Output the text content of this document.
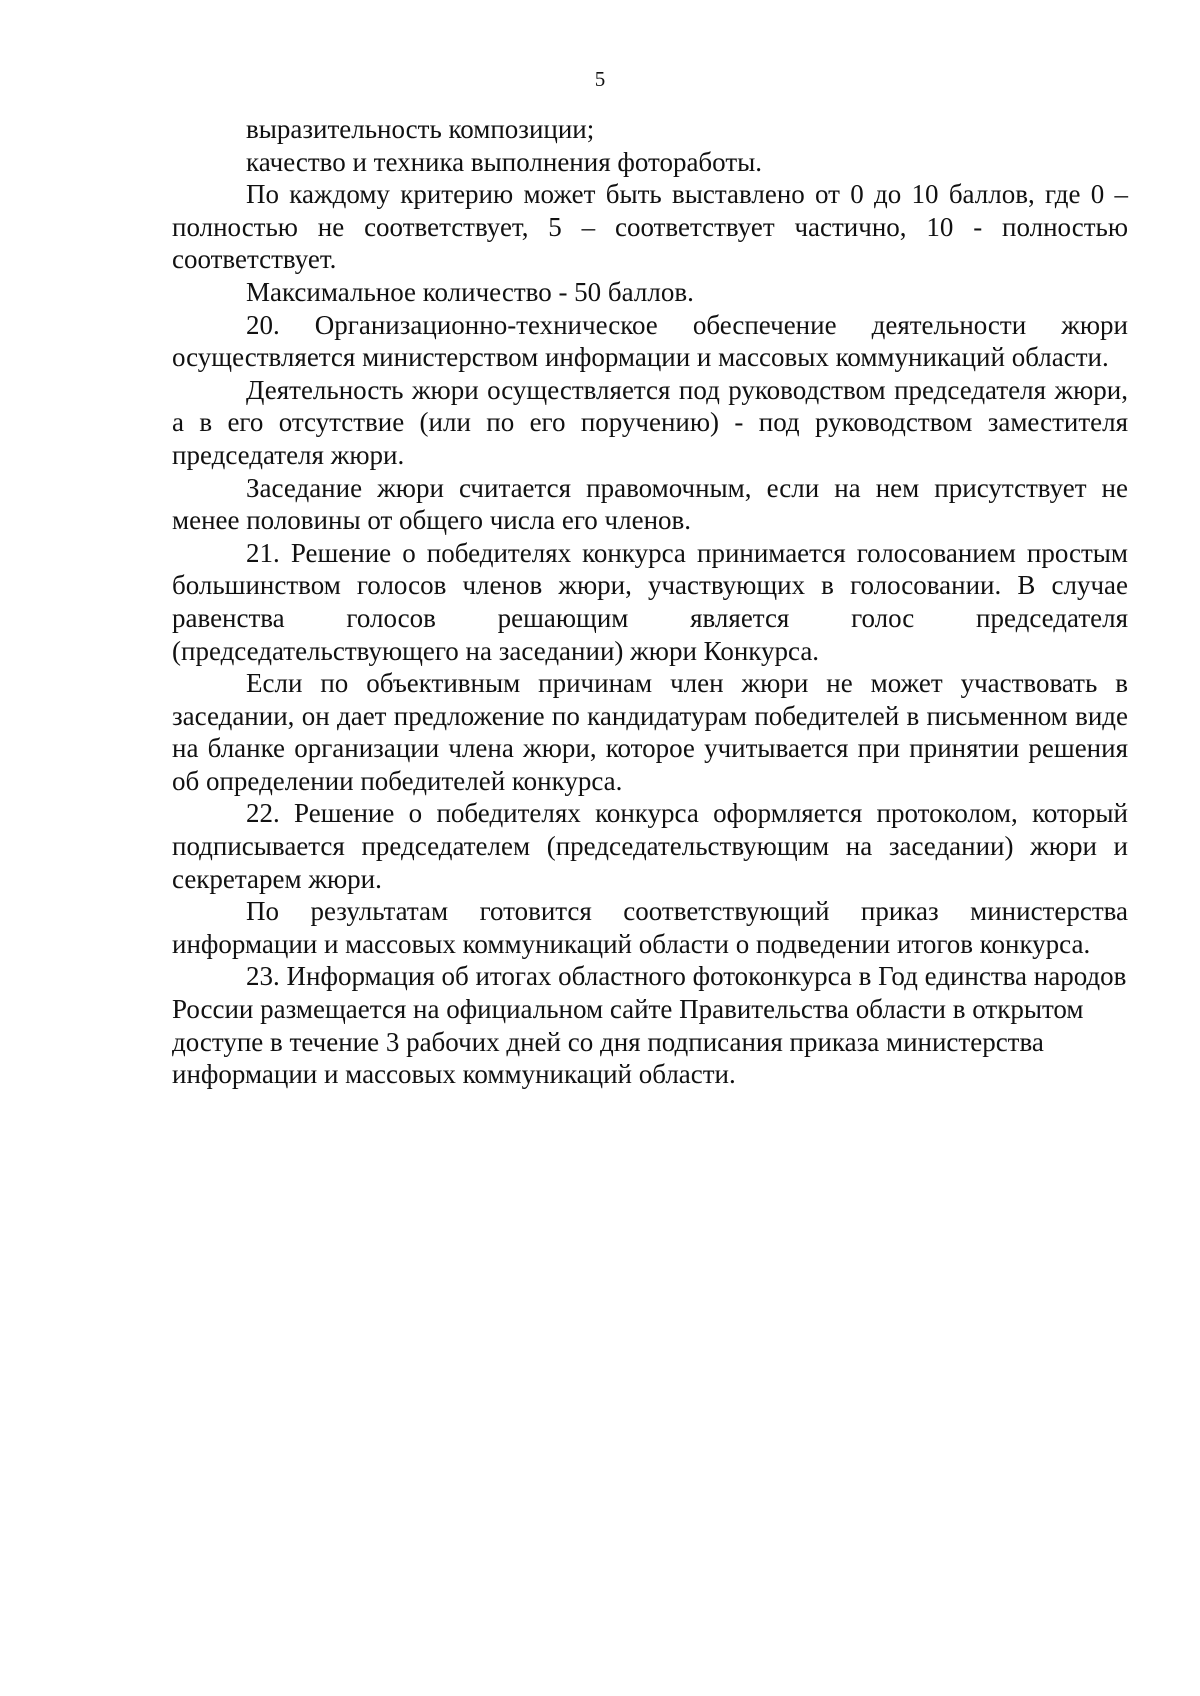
5

выразительность композиции;

качество и техника выполнения фотоработы.

По каждому критерию может быть выставлено от 0 до 10 баллов, где 0 – полностью не соответствует, 5 – соответствует частично, 10 - полностью соответствует.

Максимальное количество - 50 баллов.

20. Организационно-техническое обеспечение деятельности жюри осуществляется министерством информации и массовых коммуникаций области.

Деятельность жюри осуществляется под руководством председателя жюри, а в его отсутствие (или по его поручению) - под руководством заместителя председателя жюри.

Заседание жюри считается правомочным, если на нем присутствует не менее половины от общего числа его членов.

21. Решение о победителях конкурса принимается голосованием простым большинством голосов членов жюри, участвующих в голосовании. В случае равенства голосов решающим является голос председателя (председательствующего на заседании) жюри Конкурса.

Если по объективным причинам член жюри не может участвовать в заседании, он дает предложение по кандидатурам победителей в письменном виде на бланке организации члена жюри, которое учитывается при принятии решения об определении победителей конкурса.

22. Решение о победителях конкурса оформляется протоколом, который подписывается председателем (председательствующим на заседании) жюри и секретарем жюри.

По результатам готовится соответствующий приказ министерства информации и массовых коммуникаций области о подведении итогов конкурса.

23. Информация об итогах областного фотоконкурса в Год единства народов России размещается на официальном сайте Правительства области в открытом доступе в течение 3 рабочих дней со дня подписания приказа министерства информации и массовых коммуникаций области.
